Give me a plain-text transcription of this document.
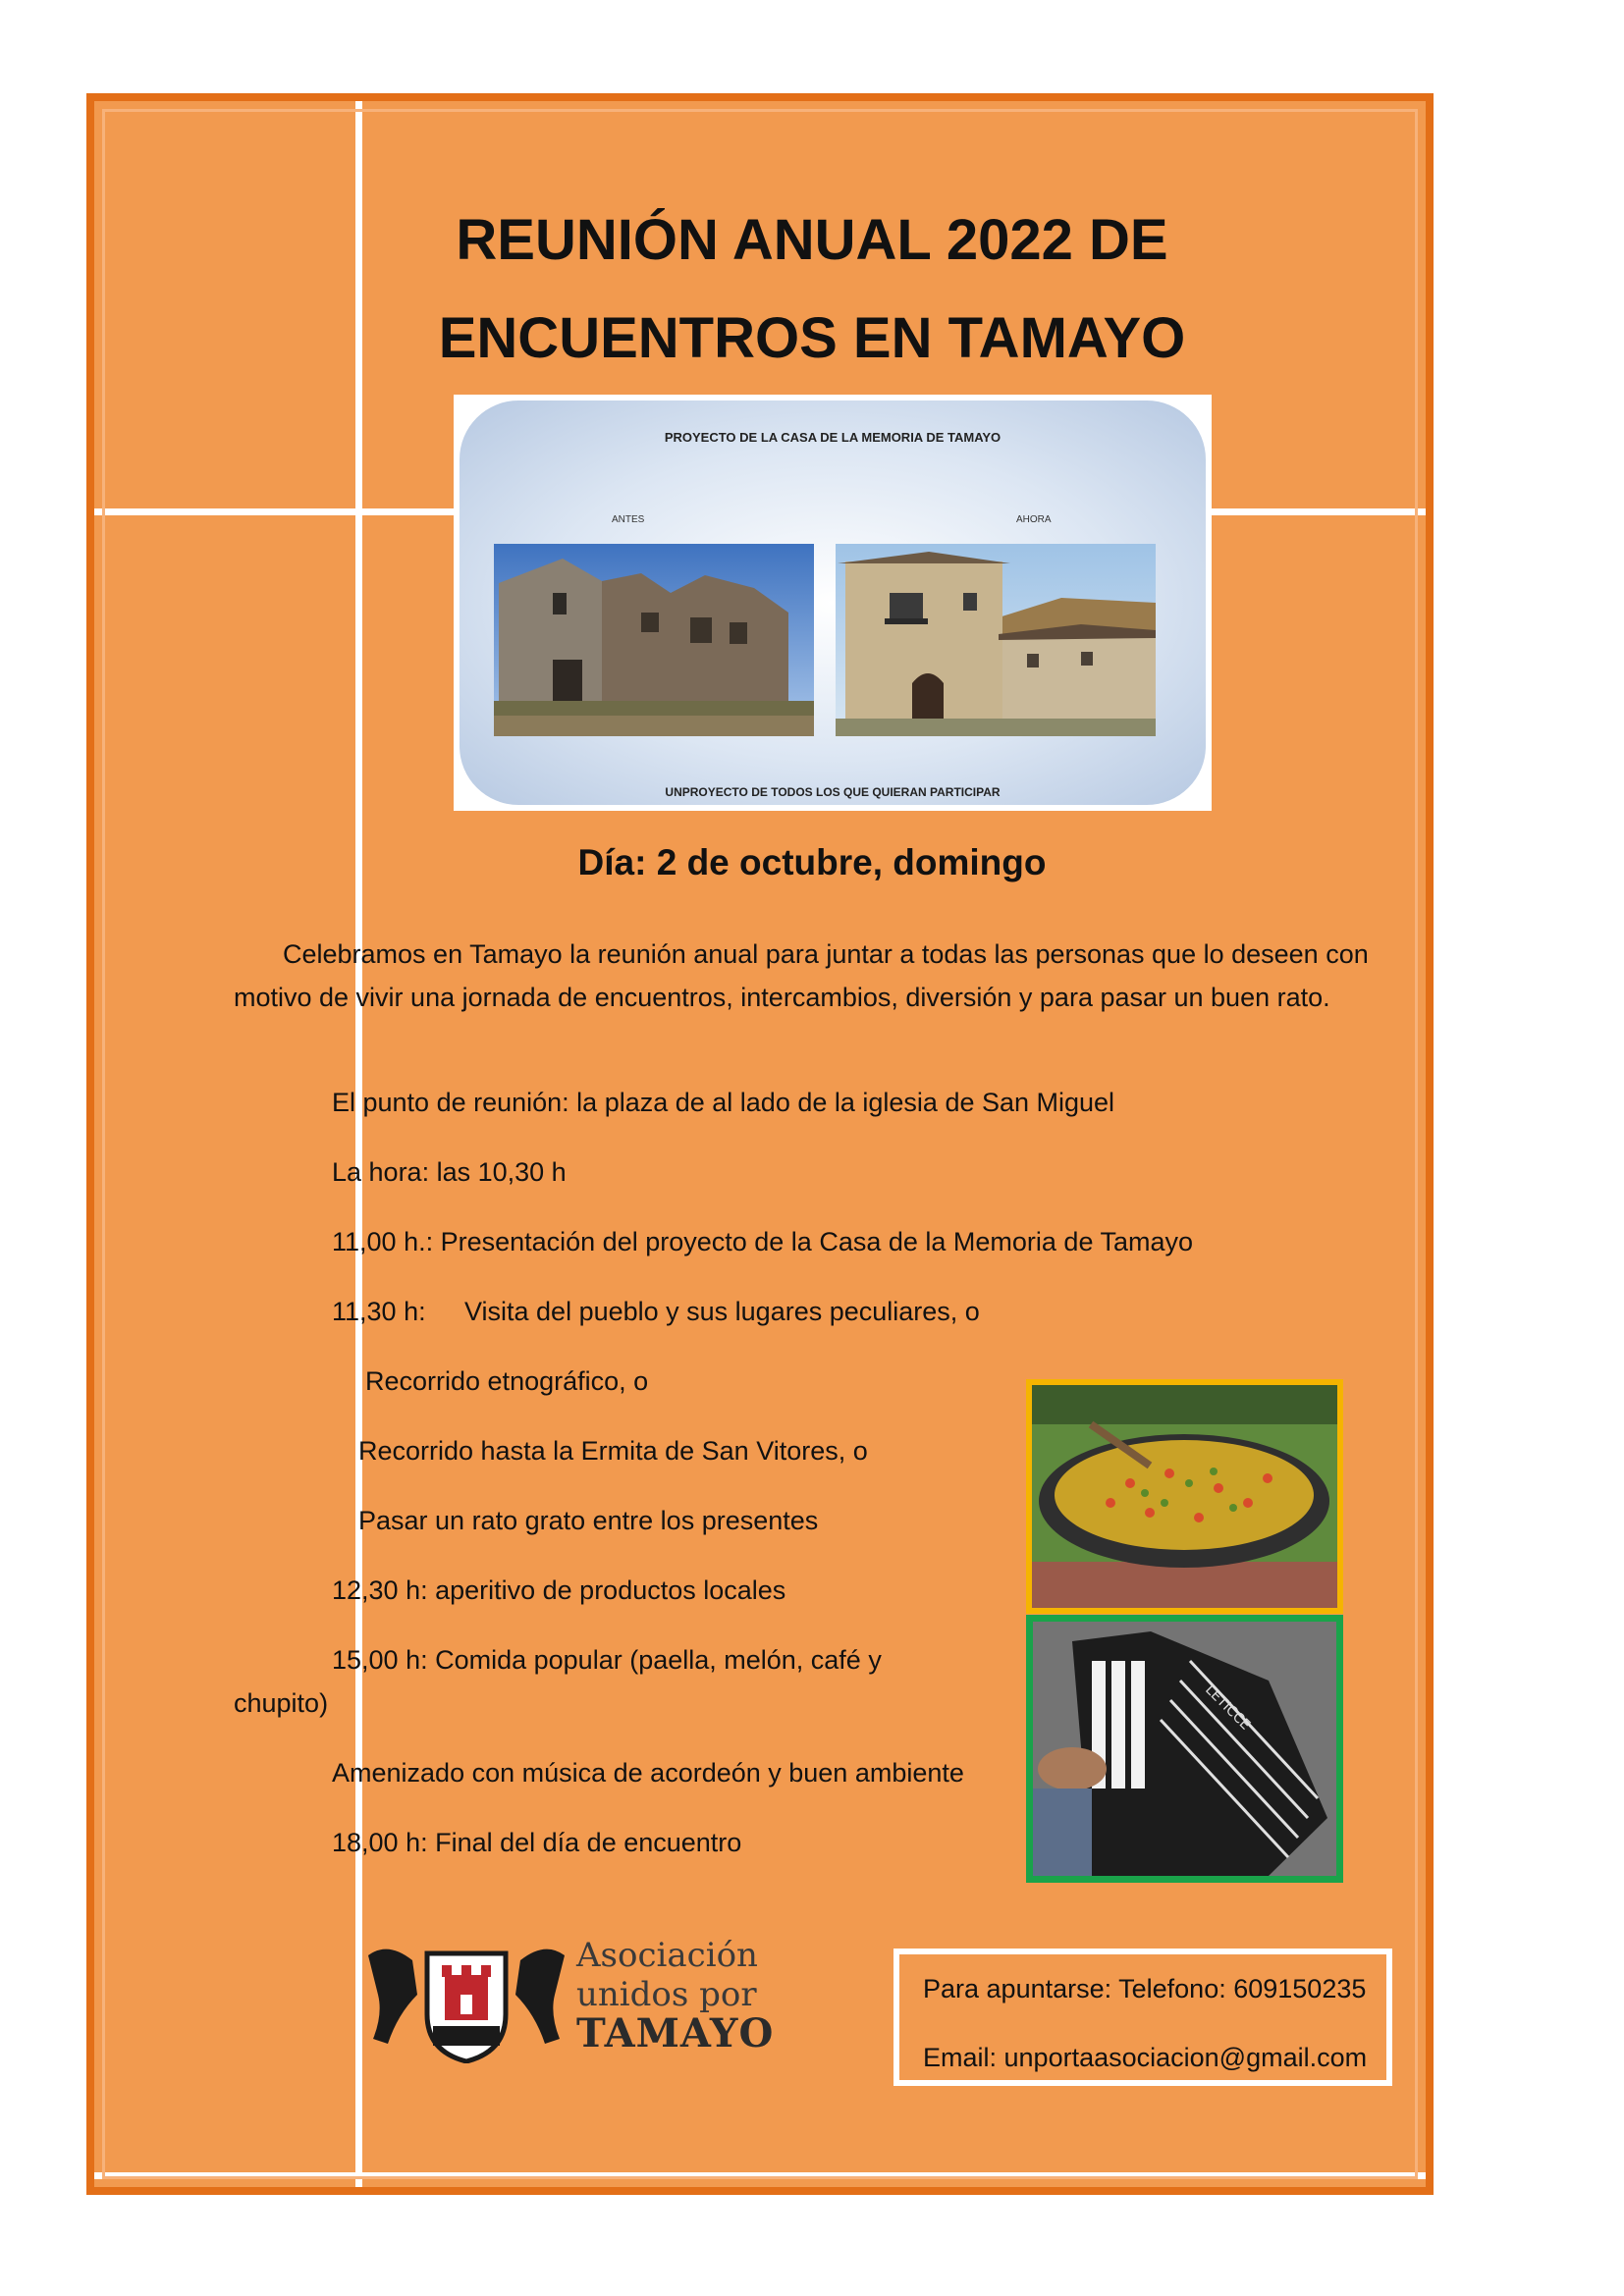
REUNIÓN ANUAL 2022 DE
ENCUENTROS EN TAMAYO
PROYECTO DE LA CASA DE LA MEMORIA DE TAMAYO
ANTES	AHORA
UNPROYECTO DE TODOS LOS QUE QUIERAN PARTICIPAR
Día: 2 de octubre, domingo
Celebramos en Tamayo la reunión anual para juntar a todas las personas que lo deseen con motivo de vivir una jornada de encuentros, intercambios, diversión y para pasar un buen rato.
El punto de reunión: la plaza de al lado de la iglesia de San Miguel
La hora: las 10,30 h
11,00 h.: Presentación del proyecto de la Casa de la Memoria de Tamayo
11,30 h: Visita del pueblo y sus lugares peculiares, o
Recorrido etnográfico, o
Recorrido hasta la Ermita de San Vitores, o
Pasar un rato grato entre los presentes
12,30 h: aperitivo de productos locales
15,00 h: Comida popular (paella, melón, café y
chupito)
Amenizado con música de acordeón y buen ambiente
18,00 h: Final del día de encuentro
LETICCE
Asociación
unidos por
TAMAYO
Para apuntarse: Telefono: 609150235
Email: unportaasociacion@gmail.com
